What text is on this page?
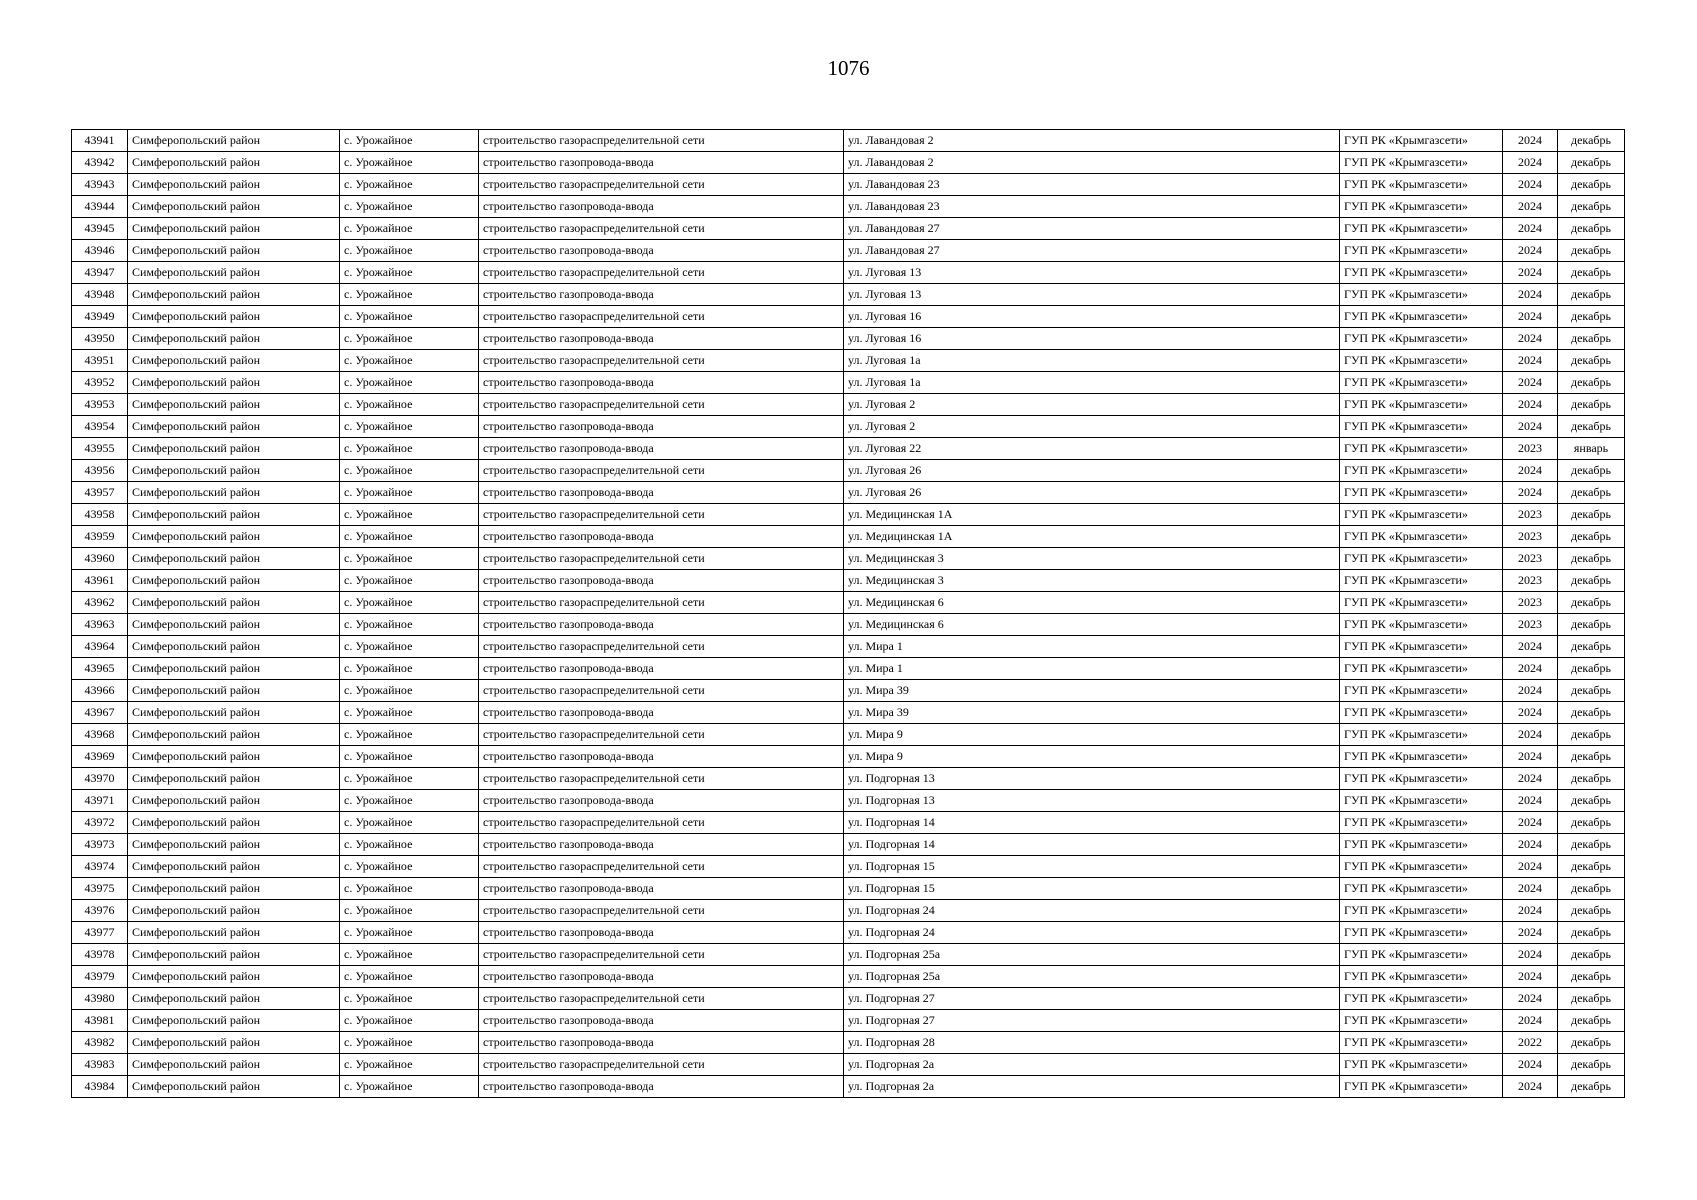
1076
43941	Симферопольский район	с. Урожайное	строительство газораспределительной сети	ул. Лавандовая 2	ГУП РК «Крымгазсети»	2024	декабрь
43942	Симферопольский район	с. Урожайное	строительство газопровода-ввода	ул. Лавандовая 2	ГУП РК «Крымгазсети»	2024	декабрь
43943	Симферопольский район	с. Урожайное	строительство газораспределительной сети	ул. Лавандовая 23	ГУП РК «Крымгазсети»	2024	декабрь
43944	Симферопольский район	с. Урожайное	строительство газопровода-ввода	ул. Лавандовая 23	ГУП РК «Крымгазсети»	2024	декабрь
43945	Симферопольский район	с. Урожайное	строительство газораспределительной сети	ул. Лавандовая 27	ГУП РК «Крымгазсети»	2024	декабрь
43946	Симферопольский район	с. Урожайное	строительство газопровода-ввода	ул. Лавандовая 27	ГУП РК «Крымгазсети»	2024	декабрь
43947	Симферопольский район	с. Урожайное	строительство газораспределительной сети	ул. Луговая 13	ГУП РК «Крымгазсети»	2024	декабрь
43948	Симферопольский район	с. Урожайное	строительство газопровода-ввода	ул. Луговая 13	ГУП РК «Крымгазсети»	2024	декабрь
43949	Симферопольский район	с. Урожайное	строительство газораспределительной сети	ул. Луговая 16	ГУП РК «Крымгазсети»	2024	декабрь
43950	Симферопольский район	с. Урожайное	строительство газопровода-ввода	ул. Луговая 16	ГУП РК «Крымгазсети»	2024	декабрь
43951	Симферопольский район	с. Урожайное	строительство газораспределительной сети	ул. Луговая 1а	ГУП РК «Крымгазсети»	2024	декабрь
43952	Симферопольский район	с. Урожайное	строительство газопровода-ввода	ул. Луговая 1а	ГУП РК «Крымгазсети»	2024	декабрь
43953	Симферопольский район	с. Урожайное	строительство газораспределительной сети	ул. Луговая 2	ГУП РК «Крымгазсети»	2024	декабрь
43954	Симферопольский район	с. Урожайное	строительство газопровода-ввода	ул. Луговая 2	ГУП РК «Крымгазсети»	2024	декабрь
43955	Симферопольский район	с. Урожайное	строительство газопровода-ввода	ул. Луговая 22	ГУП РК «Крымгазсети»	2023	январь
43956	Симферопольский район	с. Урожайное	строительство газораспределительной сети	ул. Луговая 26	ГУП РК «Крымгазсети»	2024	декабрь
43957	Симферопольский район	с. Урожайное	строительство газопровода-ввода	ул. Луговая 26	ГУП РК «Крымгазсети»	2024	декабрь
43958	Симферопольский район	с. Урожайное	строительство газораспределительной сети	ул. Медицинская 1А	ГУП РК «Крымгазсети»	2023	декабрь
43959	Симферопольский район	с. Урожайное	строительство газопровода-ввода	ул. Медицинская 1А	ГУП РК «Крымгазсети»	2023	декабрь
43960	Симферопольский район	с. Урожайное	строительство газораспределительной сети	ул. Медицинская 3	ГУП РК «Крымгазсети»	2023	декабрь
43961	Симферопольский район	с. Урожайное	строительство газопровода-ввода	ул. Медицинская 3	ГУП РК «Крымгазсети»	2023	декабрь
43962	Симферопольский район	с. Урожайное	строительство газораспределительной сети	ул. Медицинская 6	ГУП РК «Крымгазсети»	2023	декабрь
43963	Симферопольский район	с. Урожайное	строительство газопровода-ввода	ул. Медицинская 6	ГУП РК «Крымгазсети»	2023	декабрь
43964	Симферопольский район	с. Урожайное	строительство газораспределительной сети	ул. Мира 1	ГУП РК «Крымгазсети»	2024	декабрь
43965	Симферопольский район	с. Урожайное	строительство газопровода-ввода	ул. Мира 1	ГУП РК «Крымгазсети»	2024	декабрь
43966	Симферопольский район	с. Урожайное	строительство газораспределительной сети	ул. Мира 39	ГУП РК «Крымгазсети»	2024	декабрь
43967	Симферопольский район	с. Урожайное	строительство газопровода-ввода	ул. Мира 39	ГУП РК «Крымгазсети»	2024	декабрь
43968	Симферопольский район	с. Урожайное	строительство газораспределительной сети	ул. Мира 9	ГУП РК «Крымгазсети»	2024	декабрь
43969	Симферопольский район	с. Урожайное	строительство газопровода-ввода	ул. Мира 9	ГУП РК «Крымгазсети»	2024	декабрь
43970	Симферопольский район	с. Урожайное	строительство газораспределительной сети	ул. Подгорная 13	ГУП РК «Крымгазсети»	2024	декабрь
43971	Симферопольский район	с. Урожайное	строительство газопровода-ввода	ул. Подгорная 13	ГУП РК «Крымгазсети»	2024	декабрь
43972	Симферопольский район	с. Урожайное	строительство газораспределительной сети	ул. Подгорная 14	ГУП РК «Крымгазсети»	2024	декабрь
43973	Симферопольский район	с. Урожайное	строительство газопровода-ввода	ул. Подгорная 14	ГУП РК «Крымгазсети»	2024	декабрь
43974	Симферопольский район	с. Урожайное	строительство газораспределительной сети	ул. Подгорная 15	ГУП РК «Крымгазсети»	2024	декабрь
43975	Симферопольский район	с. Урожайное	строительство газопровода-ввода	ул. Подгорная 15	ГУП РК «Крымгазсети»	2024	декабрь
43976	Симферопольский район	с. Урожайное	строительство газораспределительной сети	ул. Подгорная 24	ГУП РК «Крымгазсети»	2024	декабрь
43977	Симферопольский район	с. Урожайное	строительство газопровода-ввода	ул. Подгорная 24	ГУП РК «Крымгазсети»	2024	декабрь
43978	Симферопольский район	с. Урожайное	строительство газораспределительной сети	ул. Подгорная 25а	ГУП РК «Крымгазсети»	2024	декабрь
43979	Симферопольский район	с. Урожайное	строительство газопровода-ввода	ул. Подгорная 25а	ГУП РК «Крымгазсети»	2024	декабрь
43980	Симферопольский район	с. Урожайное	строительство газораспределительной сети	ул. Подгорная 27	ГУП РК «Крымгазсети»	2024	декабрь
43981	Симферопольский район	с. Урожайное	строительство газопровода-ввода	ул. Подгорная 27	ГУП РК «Крымгазсети»	2024	декабрь
43982	Симферопольский район	с. Урожайное	строительство газопровода-ввода	ул. Подгорная 28	ГУП РК «Крымгазсети»	2022	декабрь
43983	Симферопольский район	с. Урожайное	строительство газораспределительной сети	ул. Подгорная 2а	ГУП РК «Крымгазсети»	2024	декабрь
43984	Симферопольский район	с. Урожайное	строительство газопровода-ввода	ул. Подгорная 2а	ГУП РК «Крымгазсети»	2024	декабрь
